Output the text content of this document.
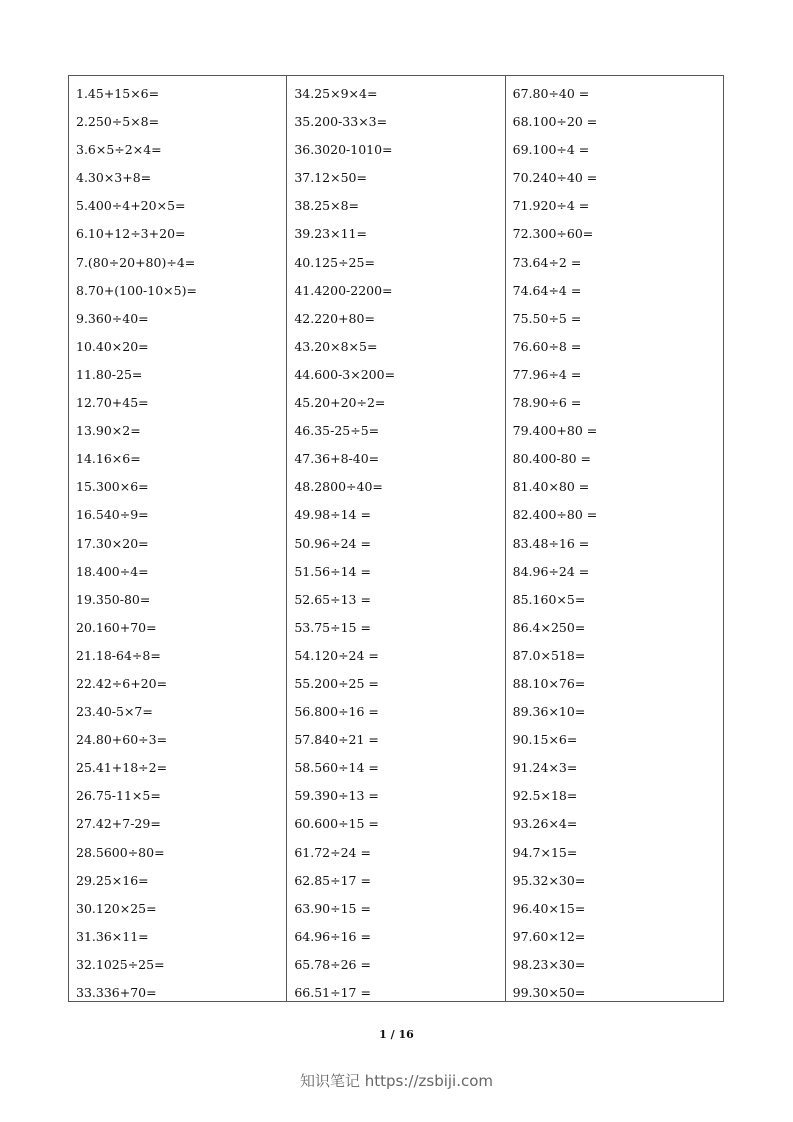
1.45+15×6=
2.250÷5×8=
3.6×5÷2×4=
4.30×3+8=
5.400÷4+20×5=
6.10+12÷3+20=
7.(80÷20+80)÷4=
8.70+(100-10×5)=
9.360÷40=
10.40×20=
11.80-25=
12.70+45=
13.90×2=
14.16×6=
15.300×6=
16.540÷9=
17.30×20=
18.400÷4=
19.350-80=
20.160+70=
21.18-64÷8=
22.42÷6+20=
23.40-5×7=
24.80+60÷3=
25.41+18÷2=
26.75-11×5=
27.42+7-29=
28.5600÷80=
29.25×16=
30.120×25=
31.36×11=
32.1025÷25=
33.336+70=
34.25×9×4=
35.200-33×3=
36.3020-1010=
37.12×50=
38.25×8=
39.23×11=
40.125÷25=
41.4200-2200=
42.220+80=
43.20×8×5=
44.600-3×200=
45.20+20÷2=
46.35-25÷5=
47.36+8-40=
48.2800÷40=
49.98÷14 =
50.96÷24 =
51.56÷14 =
52.65÷13 =
53.75÷15 =
54.120÷24 =
55.200÷25 =
56.800÷16 =
57.840÷21 =
58.560÷14 =
59.390÷13 =
60.600÷15 =
61.72÷24 =
62.85÷17 =
63.90÷15 =
64.96÷16 =
65.78÷26 =
66.51÷17 =
67.80÷40 =
68.100÷20 =
69.100÷4 =
70.240÷40 =
71.920÷4 =
72.300÷60=
73.64÷2 =
74.64÷4 =
75.50÷5 =
76.60÷8 =
77.96÷4 =
78.90÷6 =
79.400+80 =
80.400-80 =
81.40×80 =
82.400÷80 =
83.48÷16 =
84.96÷24 =
85.160×5=
86.4×250=
87.0×518=
88.10×76=
89.36×10=
90.15×6=
91.24×3=
92.5×18=
93.26×4=
94.7×15=
95.32×30=
96.40×15=
97.60×12=
98.23×30=
99.30×50=
1 / 16
知识笔记 https://zsbiji.com
